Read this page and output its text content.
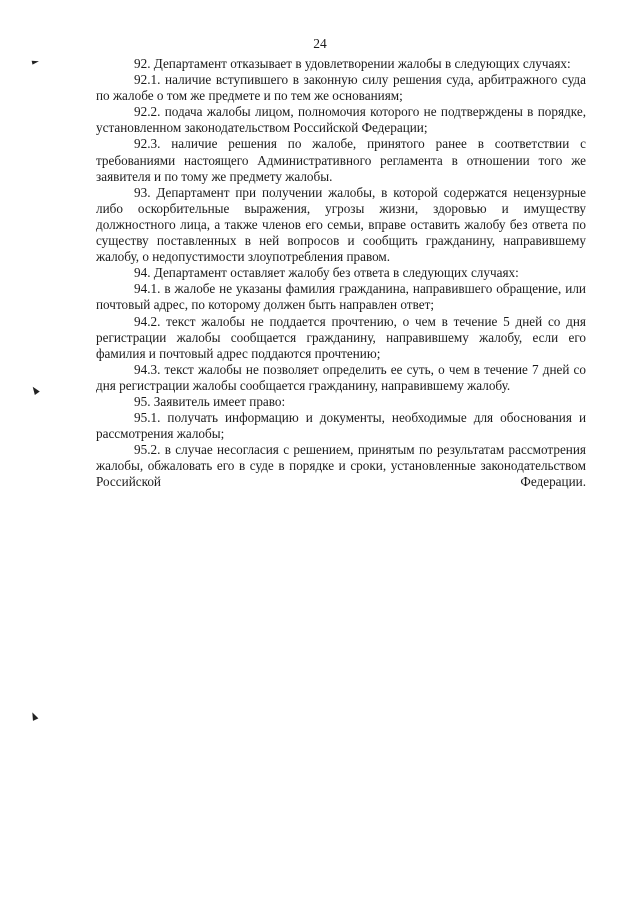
24

92. Департамент отказывает в удовлетворении жалобы в следующих случаях:

92.1. наличие вступившего в законную силу решения суда, арбитражного суда по жалобе о том же предмете и по тем же основаниям;

92.2. подача жалобы лицом, полномочия которого не подтверждены в порядке, установленном законодательством Российской Федерации;

92.3. наличие решения по жалобе, принятого ранее в соответствии с требованиями настоящего Административного регламента в отношении того же заявителя и по тому же предмету жалобы.

93. Департамент при получении жалобы, в которой содержатся нецензурные либо оскорбительные выражения, угрозы жизни, здоровью и имуществу должностного лица, а также членов его семьи, вправе оставить жалобу без ответа по существу поставленных в ней вопросов и сообщить гражданину, направившему жалобу, о недопустимости злоупотребления правом.

94. Департамент оставляет жалобу без ответа в следующих случаях:

94.1. в жалобе не указаны фамилия гражданина, направившего обращение, или почтовый адрес, по которому должен быть направлен ответ;

94.2. текст жалобы не поддается прочтению, о чем в течение 5 дней со дня регистрации жалобы сообщается гражданину, направившему жалобу, если его фамилия и почтовый адрес поддаются прочтению;

94.3. текст жалобы не позволяет определить ее суть, о чем в течение 7 дней со дня регистрации жалобы сообщается гражданину, направившему жалобу.

95. Заявитель имеет право:

95.1. получать информацию и документы, необходимые для обоснования и рассмотрения жалобы;

95.2. в случае несогласия с решением, принятым по результатам рассмотрения жалобы, обжаловать его в суде в порядке и сроки, установленные законодательством Российской Федерации.
